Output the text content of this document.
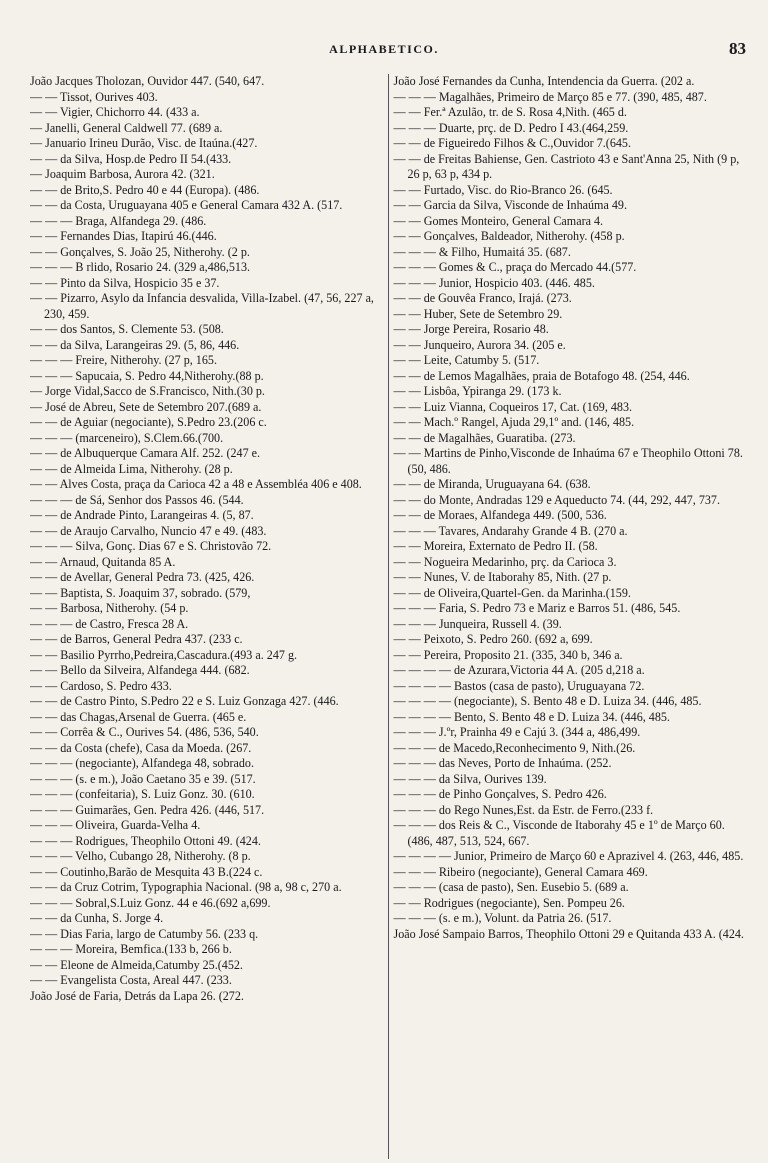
ALPHABETICO.	83

João Jacques Tholozan, Ouvidor 447. (540, 647.

— — Tissot, Ourives 403.

— — Vigier, Chichorro 44. (433 a.

— Janelli, General Caldwell 77. (689 a.

— Januario Irineu Durão, Visc. de Itaúna.(427.

— — da Silva, Hosp.de Pedro II 54.(433.

— Joaquim Barbosa, Aurora 42. (321.

— — de Brito,S. Pedro 40 e 44 (Europa). (486.

— — da Costa, Uruguayana 405 e General Camara 432 A. (517.

— — — Braga, Alfandega 29. (486.

— — Fernandes Dias, Itapirú 46.(446.

— — Gonçalves, S. João 25, Nitherohy. (2 p.

— — — B rlido, Rosario 24. (329 a,486,513.

— — Pinto da Silva, Hospicio 35 e 37.

— — Pizarro, Asylo da Infancia desvalida, Villa-Izabel. (47, 56, 227 a, 230, 459.

— — dos Santos, S. Clemente 53. (508.

— — da Silva, Larangeiras 29. (5, 86, 446.

— — — Freire, Nitherohy. (27 p, 165.

— — — Sapucaia, S. Pedro 44,Nitherohy.(88 p.

— Jorge Vidal,Sacco de S.Francisco, Nith.(30 p.

— José de Abreu, Sete de Setembro 207.(689 a.

— — de Aguiar (negociante), S.Pedro 23.(206 c.

— — — (marceneiro), S.Clem.66.(700.

— — de Albuquerque Camara Alf. 252. (247 e.

— — de Almeida Lima, Nitherohy. (28 p.

— — Alves Costa, praça da Carioca 42 a 48 e Assembléa 406 e 408.

— — — de Sá, Senhor dos Passos 46. (544.

— — de Andrade Pinto, Larangeiras 4. (5, 87.

— — de Araujo Carvalho, Nuncio 47 e 49. (483.

— — — Silva, Gonç. Dias 67 e S. Christovão 72.

— — Arnaud, Quitanda 85 A.

— — de Avellar, General Pedra 73. (425, 426.

— — Baptista, S. Joaquim 37, sobrado. (579,

— — Barbosa, Nitherohy. (54 p.

— — — de Castro, Fresca 28 A.

— — de Barros, General Pedra 437. (233 c.

— — Basilio Pyrrho,Pedreira,Cascadura.(493 a. 247 g.

— — Bello da Silveira, Alfandega 444. (682.

— — Cardoso, S. Pedro 433.

— — de Castro Pinto, S.Pedro 22 e S. Luiz Gonzaga 427. (446.

— — das Chagas,Arsenal de Guerra. (465 e.

— — Corrêa & C., Ourives 54. (486, 536, 540.

— — da Costa (chefe), Casa da Moeda. (267.

— — — (negociante), Alfandega 48, sobrado.

— — — (s. e m.), João Caetano 35 e 39. (517.

— — — (confeitaria), S. Luiz Gonz. 30. (610.

— — — Guimarães, Gen. Pedra 426. (446, 517.

— — — Oliveira, Guarda-Velha 4.

— — — Rodrigues, Theophilo Ottoni 49. (424.

— — — Velho, Cubango 28, Nitherohy. (8 p.

— — Coutinho,Barão de Mesquita 43 B.(224 c.

— — da Cruz Cotrim, Typographia Nacional. (98 a, 98 c, 270 a.

— — — Sobral,S.Luiz Gonz. 44 e 46.(692 a,699.

— — da Cunha, S. Jorge 4.

— — Dias Faria, largo de Catumby 56. (233 q.

— — — Moreira, Bemfica.(133 b, 266 b.

— — Eleone de Almeida,Catumby 25.(452.

— — Evangelista Costa, Areal 447. (233.

João José de Faria, Detrás da Lapa 26. (272.

João José Fernandes da Cunha, Intendencia da Guerra. (202 a.

— — — Magalhães, Primeiro de Março 85 e 77. (390, 485, 487.

— — Fer.ª Azulão, tr. de S. Rosa 4,Nith. (465 d.

— — — Duarte, prç. de D. Pedro I 43.(464,259.

— — de Figueiredo Filhos & C.,Ouvidor 7.(645.

— — de Freitas Bahiense, Gen. Castrioto 43 e Sant'Anna 25, Nith (9 p, 26 p, 63 p, 434 p.

— — Furtado, Visc. do Rio-Branco 26. (645.

— — Garcia da Silva, Visconde de Inhaúma 49.

— — Gomes Monteiro, General Camara 4.

— — Gonçalves, Baldeador, Nitherohy. (458 p.

— — — & Filho, Humaitá 35. (687.

— — — Gomes & C., praça do Mercado 44.(577.

— — — Junior, Hospicio 403. (446. 485.

— — de Gouvêa Franco, Irajá. (273.

— — Huber, Sete de Setembro 29.

— — Jorge Pereira, Rosario 48.

— — Junqueiro, Aurora 34. (205 e.

— — Leite, Catumby 5. (517.

— — de Lemos Magalhães, praia de Botafogo 48. (254, 446.

— — Lisbôa, Ypiranga 29. (173 k.

— — Luiz Vianna, Coqueiros 17, Cat. (169, 483.

— — Mach.º Rangel, Ajuda 29,1º and. (146, 485.

— — de Magalhães, Guaratiba. (273.

— — Martins de Pinho,Visconde de Inhaúma 67 e Theophilo Ottoni 78. (50, 486.

— — de Miranda, Uruguayana 64. (638.

— — do Monte, Andradas 129 e Aqueducto 74. (44, 292, 447, 737.

— — de Moraes, Alfandega 449. (500, 536.

— — — Tavares, Andarahy Grande 4 B. (270 a.

— — Moreira, Externato de Pedro II. (58.

— — Nogueira Medarinho, prç. da Carioca 3.

— — Nunes, V. de Itaborahy 85, Nith. (27 p.

— — de Oliveira,Quartel-Gen. da Marinha.(159.

— — — Faria, S. Pedro 73 e Mariz e Barros 51. (486, 545.

— — — Junqueira, Russell 4. (39.

— — Peixoto, S. Pedro 260. (692 a, 699.

— — Pereira, Proposito 21. (335, 340 b, 346 a.

— — — — de Azurara,Victoria 44 A. (205 d,218 a.

— — — — Bastos (casa de pasto), Uruguayana 72.

— — — — (negociante), S. Bento 48 e D. Luiza 34. (446, 485.

— — — — Bento, S. Bento 48 e D. Luiza 34. (446, 485.

— — — J.ºr, Prainha 49 e Cajú 3. (344 a, 486,499.

— — — de Macedo,Reconhecimento 9, Nith.(26.

— — — das Neves, Porto de Inhaúma. (252.

— — — da Silva, Ourives 139.

— — — de Pinho Gonçalves, S. Pedro 426.

— — — do Rego Nunes,Est. da Estr. de Ferro.(233 f.

— — — dos Reis & C., Visconde de Itaborahy 45 e 1º de Março 60. (486, 487, 513, 524, 667.

— — — — Junior, Primeiro de Março 60 e Aprazivel 4. (263, 446, 485.

— — — Ribeiro (negociante), General Camara 469.

— — — (casa de pasto), Sen. Eusebio 5. (689 a.

— — Rodrigues (negociante), Sen. Pompeu 26.

— — — (s. e m.), Volunt. da Patria 26. (517.

João José Sampaio Barros, Theophilo Ottoni 29 e Quitanda 433 A. (424.
